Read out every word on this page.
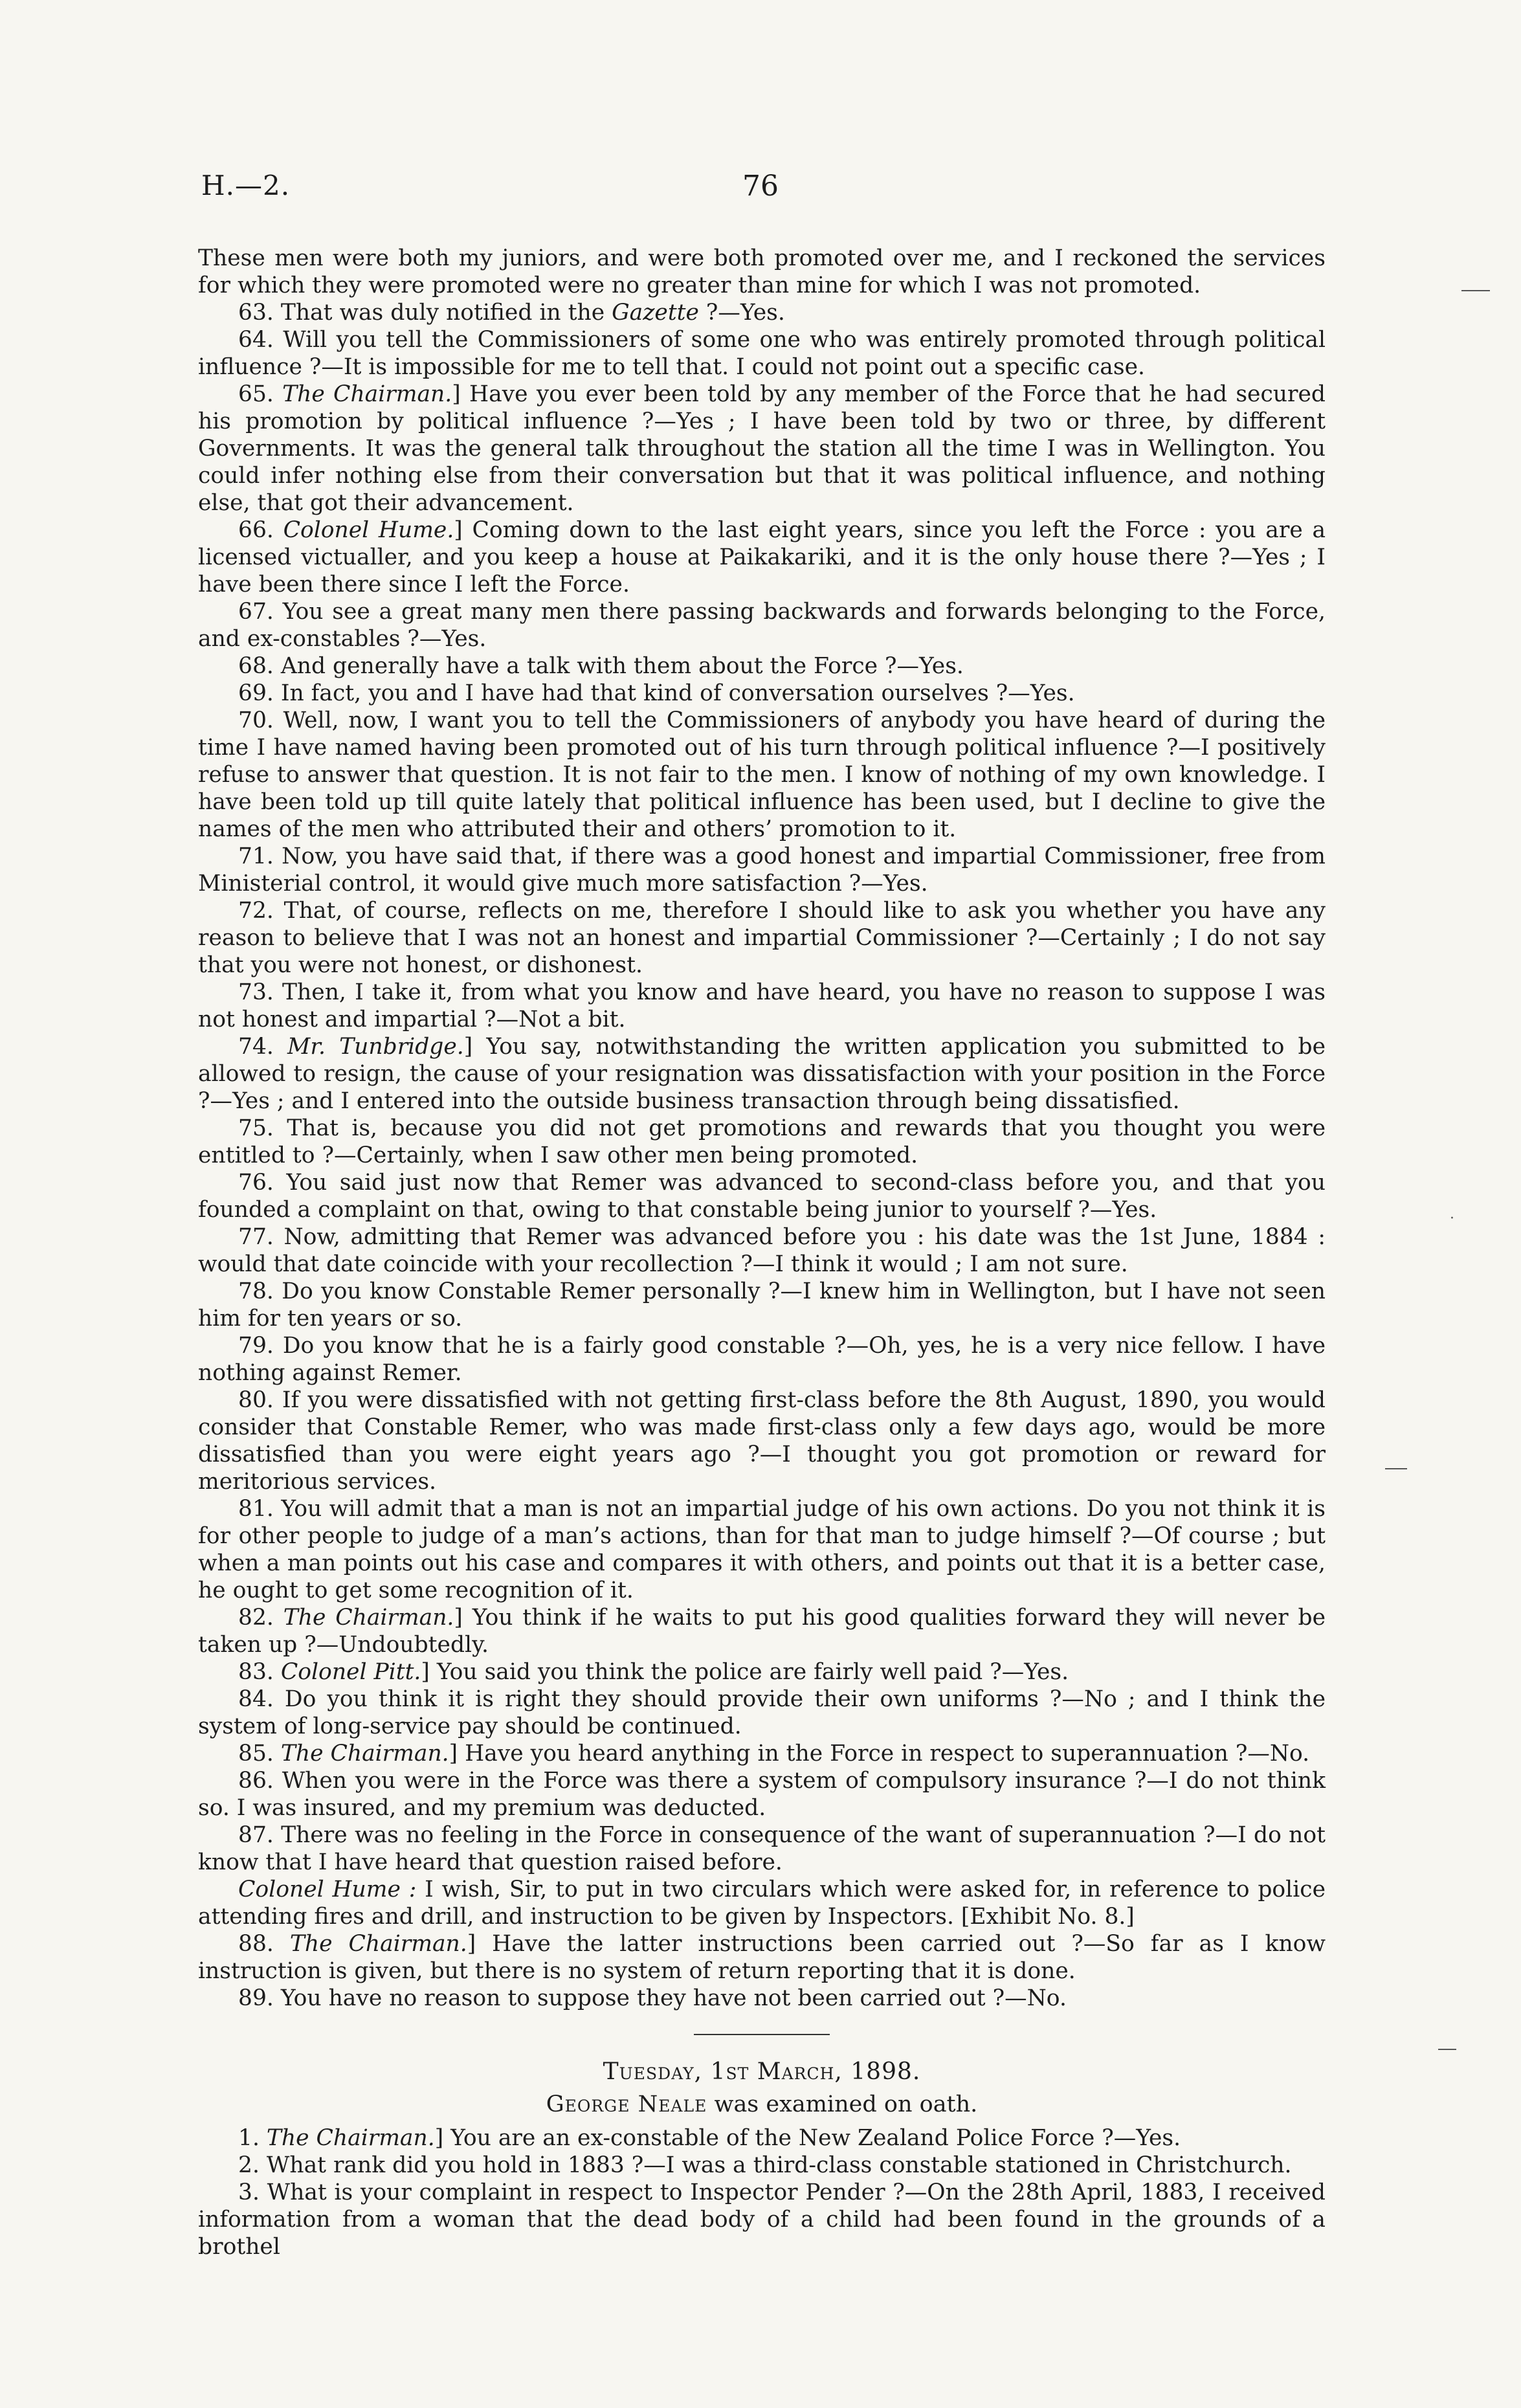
H.—2.	76

These men were both my juniors, and were both promoted over me, and I reckoned the services for which they were promoted were no greater than mine for which I was not promoted.

63. That was duly notified in the Gazette ?—Yes.

64. Will you tell the Commissioners of some one who was entirely promoted through political influence ?—It is impossible for me to tell that. I could not point out a specific case.

65. The Chairman.] Have you ever been told by any member of the Force that he had secured his promotion by political influence ?—Yes ; I have been told by two or three, by different Governments. It was the general talk throughout the station all the time I was in Wellington. You could infer nothing else from their conversation but that it was political influence, and nothing else, that got their advancement.

66. Colonel Hume.] Coming down to the last eight years, since you left the Force : you are a licensed victualler, and you keep a house at Paikakariki, and it is the only house there ?—Yes ; I have been there since I left the Force.

67. You see a great many men there passing backwards and forwards belonging to the Force, and ex-constables ?—Yes.

68. And generally have a talk with them about the Force ?—Yes.

69. In fact, you and I have had that kind of conversation ourselves ?—Yes.

70. Well, now, I want you to tell the Commissioners of anybody you have heard of during the time I have named having been promoted out of his turn through political influence ?—I positively refuse to answer that question. It is not fair to the men. I know of nothing of my own knowledge. I have been told up till quite lately that political influence has been used, but I decline to give the names of the men who attributed their and others’ promotion to it.

71. Now, you have said that, if there was a good honest and impartial Commissioner, free from Ministerial control, it would give much more satisfaction ?—Yes.

72. That, of course, reflects on me, therefore I should like to ask you whether you have any reason to believe that I was not an honest and impartial Commissioner ?—Certainly ; I do not say that you were not honest, or dishonest.

73. Then, I take it, from what you know and have heard, you have no reason to suppose I was not honest and impartial ?—Not a bit.

74. Mr. Tunbridge.] You say, notwithstanding the written application you submitted to be allowed to resign, the cause of your resignation was dissatisfaction with your position in the Force ?—Yes ; and I entered into the outside business transaction through being dissatisfied.

75. That is, because you did not get promotions and rewards that you thought you were entitled to ?—Certainly, when I saw other men being promoted.

76. You said just now that Remer was advanced to second-class before you, and that you founded a complaint on that, owing to that constable being junior to yourself ?—Yes.

77. Now, admitting that Remer was advanced before you : his date was the 1st June, 1884 : would that date coincide with your recollection ?—I think it would ; I am not sure.

78. Do you know Constable Remer personally ?—I knew him in Wellington, but I have not seen him for ten years or so.

79. Do you know that he is a fairly good constable ?—Oh, yes, he is a very nice fellow. I have nothing against Remer.

80. If you were dissatisfied with not getting first-class before the 8th August, 1890, you would consider that Constable Remer, who was made first-class only a few days ago, would be more dissatisfied than you were eight years ago ?—I thought you got promotion or reward for meritorious services.

81. You will admit that a man is not an impartial judge of his own actions. Do you not think it is for other people to judge of a man’s actions, than for that man to judge himself ?—Of course ; but when a man points out his case and compares it with others, and points out that it is a better case, he ought to get some recognition of it.

82. The Chairman.] You think if he waits to put his good qualities forward they will never be taken up ?—Undoubtedly.

83. Colonel Pitt.] You said you think the police are fairly well paid ?—Yes.

84. Do you think it is right they should provide their own uniforms ?—No ; and I think the system of long-service pay should be continued.

85. The Chairman.] Have you heard anything in the Force in respect to superannuation ?—No.

86. When you were in the Force was there a system of compulsory insurance ?—I do not think so. I was insured, and my premium was deducted.

87. There was no feeling in the Force in consequence of the want of superannuation ?—I do not know that I have heard that question raised before.

Colonel Hume : I wish, Sir, to put in two circulars which were asked for, in reference to police attending fires and drill, and instruction to be given by Inspectors. [Exhibit No. 8.]

88. The Chairman.] Have the latter instructions been carried out ?—So far as I know instruction is given, but there is no system of return reporting that it is done.

89. You have no reason to suppose they have not been carried out ?—No.

Tuesday, 1st March, 1898.
George Neale was examined on oath.

1. The Chairman.] You are an ex-constable of the New Zealand Police Force ?—Yes.

2. What rank did you hold in 1883 ?—I was a third-class constable stationed in Christchurch.

3. What is your complaint in respect to Inspector Pender ?—On the 28th April, 1883, I received information from a woman that the dead body of a child had been found in the grounds of a brothel

·
